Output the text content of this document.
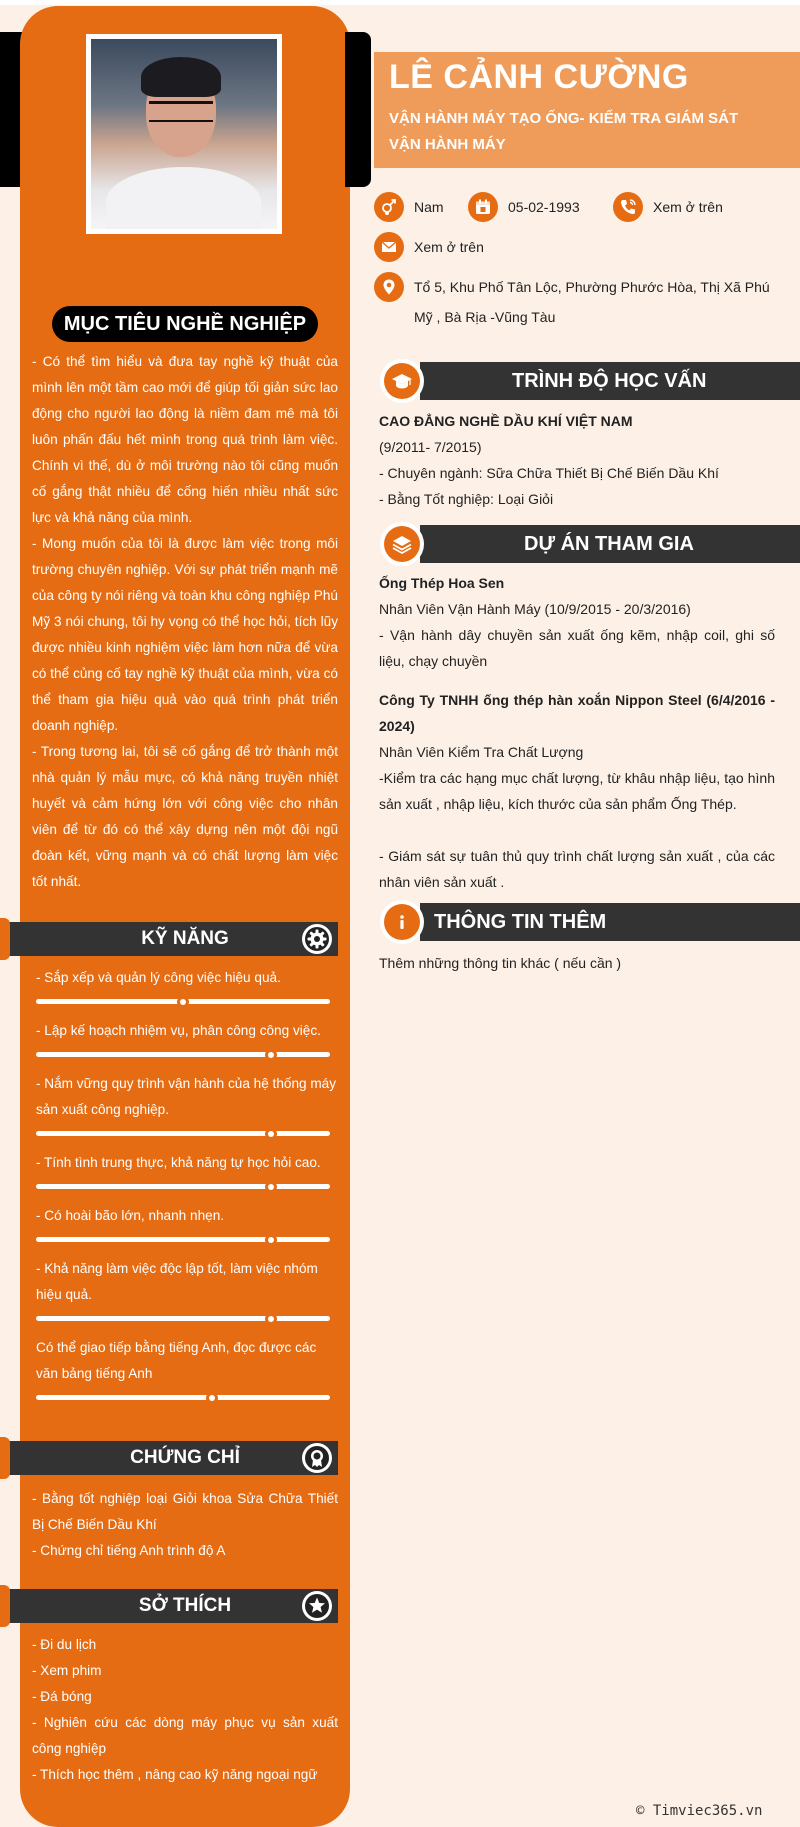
MỤC TIÊU NGHỀ NGHIỆP

- Có thể tìm hiểu và đưa tay nghề kỹ thuật của mình lên một tầm cao mới để giúp tối giản sức lao động cho người lao động là niềm đam mê mà tôi luôn phấn đấu hết mình trong quá trình làm việc. Chính vì thế, dù ở môi trường nào tôi cũng muốn cố gắng thật nhiều để cống hiến nhiều nhất sức lực và khả năng của mình.

- Mong muốn của tôi là được làm việc trong môi trường chuyên nghiệp. Với sự phát triển mạnh mẽ của công ty nói riêng và toàn khu công nghiệp Phú Mỹ 3 nói chung, tôi hy vọng có thể học hỏi, tích lũy được nhiều kinh nghiệm việc làm hơn nữa để vừa có thể củng cố tay nghề kỹ thuật của mình, vừa có thể tham gia hiệu quả vào quá trình phát triển doanh nghiệp.

- Trong tương lai, tôi sẽ cố gắng để trở thành một nhà quản lý mẫu mực, có khả năng truyền nhiệt huyết và cảm hứng lớn với công việc cho nhân viên để từ đó có thể xây dựng nên một đội ngũ đoàn kết, vững mạnh và có chất lượng làm việc tốt nhất.

KỸ NĂNG
- Sắp xếp và quản lý công việc hiệu quả.
- Lập kế hoạch nhiệm vụ, phân công công việc.
- Nắm vững quy trình vận hành của hệ thống máy sản xuất công nghiệp.
- Tính tình trung thực, khả năng tự học hỏi cao.
- Có hoài bão lớn, nhanh nhẹn.
- Khả năng làm việc độc lập tốt, làm việc nhóm hiệu quả.
Có thể giao tiếp bằng tiếng Anh, đọc được các văn bảng tiếng Anh
CHỨNG CHỈ

- Bằng tốt nghiệp loại Giỏi khoa Sửa Chữa Thiết Bị Chế Biến Dầu Khí

- Chứng chỉ tiếng Anh trình độ A

SỞ THÍCH

- Đi du lịch

- Xem phim

- Đá bóng

- Nghiên cứu các dòng máy phục vụ sản xuất công nghiệp

- Thích học thêm , nâng cao kỹ năng ngoại ngữ

LÊ CẢNH CƯỜNG
VẬN HÀNH MÁY TẠO ỐNG- KIỂM TRA GIÁM SÁT VẬN HÀNH MÁY
Nam	05-02-1993	Xem ở trên
Xem ở trên
Tổ 5, Khu Phố Tân Lộc, Phường Phước Hòa, Thị Xã Phú Mỹ , Bà Rịa -Vũng Tàu
TRÌNH ĐỘ HỌC VẤN
CAO ĐẲNG NGHỀ DẦU KHÍ VIỆT NAM
(9/2011- 7/2015)
- Chuyên ngành: Sữa Chữa Thiết Bị Chế Biến Dầu Khí
- Bằng Tốt nghiệp: Loại Giỏi
DỰ ÁN THAM GIA
Ống Thép Hoa Sen
Nhân Viên Vận Hành Máy (10/9/2015 - 20/3/2016)
- Vận hành dây chuyền sản xuất ống kẽm, nhập coil, ghi số liệu, chạy chuyền
Công Ty TNHH ống thép hàn xoắn Nippon Steel (6/4/2016 - 2024)
Nhân Viên Kiểm Tra Chất Lượng
-Kiểm tra các hạng mục chất lượng, từ khâu nhập liệu, tạo hình sản xuất , nhập liệu, kích thước của sản phẩm Ống Thép.
- Giám sát sự tuân thủ quy trình chất lượng sản xuất , của các nhân viên sản xuất .
THÔNG TIN THÊM
Thêm những thông tin khác ( nếu cần )
© Timviec365.vn
